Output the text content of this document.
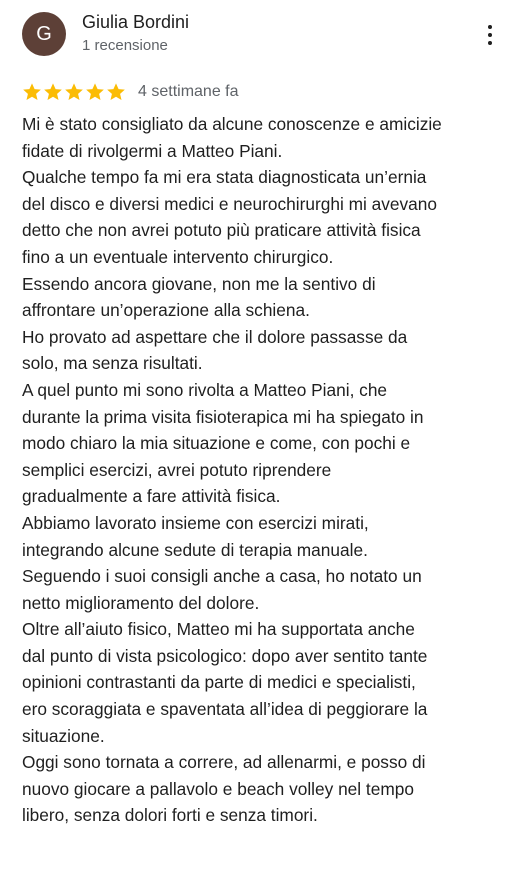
G
Giulia Bordini
1 recensione
4 settimane fa
Mi è stato consigliato da alcune conoscenze e amicizie
fidate di rivolgermi a Matteo Piani.
Qualche tempo fa mi era stata diagnosticata un’ernia
del disco e diversi medici e neurochirurghi mi avevano
detto che non avrei potuto più praticare attività fisica
fino a un eventuale intervento chirurgico.
Essendo ancora giovane, non me la sentivo di
affrontare un’operazione alla schiena.
Ho provato ad aspettare che il dolore passasse da
solo, ma senza risultati.
A quel punto mi sono rivolta a Matteo Piani, che
durante la prima visita fisioterapica mi ha spiegato in
modo chiaro la mia situazione e come, con pochi e
semplici esercizi, avrei potuto riprendere
gradualmente a fare attività fisica.
Abbiamo lavorato insieme con esercizi mirati,
integrando alcune sedute di terapia manuale.
Seguendo i suoi consigli anche a casa, ho notato un
netto miglioramento del dolore.
Oltre all’aiuto fisico, Matteo mi ha supportata anche
dal punto di vista psicologico: dopo aver sentito tante
opinioni contrastanti da parte di medici e specialisti,
ero scoraggiata e spaventata all’idea di peggiorare la
situazione.
Oggi sono tornata a correre, ad allenarmi, e posso di
nuovo giocare a pallavolo e beach volley nel tempo
libero, senza dolori forti e senza timori.
